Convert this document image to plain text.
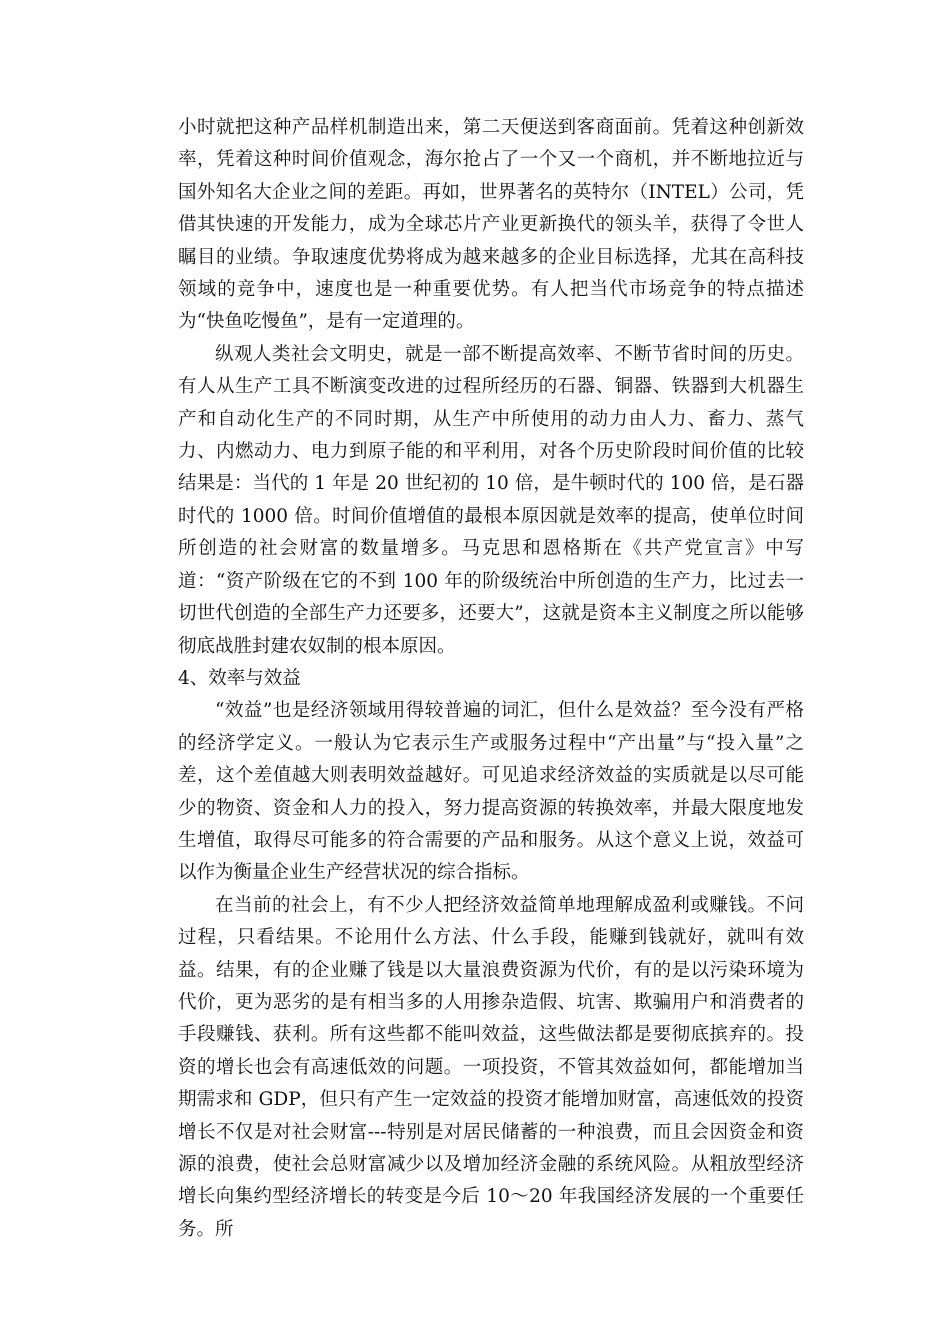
小时就把这种产品样机制造出来，第二天便送到客商面前。凭着这种创新效率，凭着这种时间价值观念，海尔抢占了一个又一个商机，并不断地拉近与国外知名大企业之间的差距。再如，世界著名的英特尔（INTEL）公司，凭借其快速的开发能力，成为全球芯片产业更新换代的领头羊，获得了令世人瞩目的业绩。争取速度优势将成为越来越多的企业目标选择，尤其在高科技领域的竞争中，速度也是一种重要优势。有人把当代市场竞争的特点描述为“快鱼吃慢鱼”，是有一定道理的。

纵观人类社会文明史，就是一部不断提高效率、不断节省时间的历史。有人从生产工具不断演变改进的过程所经历的石器、铜器、铁器到大机器生产和自动化生产的不同时期，从生产中所使用的动力由人力、畜力、蒸气力、内燃动力、电力到原子能的和平利用，对各个历史阶段时间价值的比较结果是：当代的 1 年是 20 世纪初的 10 倍，是牛顿时代的 100 倍，是石器时代的 1000 倍。时间价值增值的最根本原因就是效率的提高，使单位时间所创造的社会财富的数量增多。马克思和恩格斯在《共产党宣言》中写道：“资产阶级在它的不到 100 年的阶级统治中所创造的生产力，比过去一切世代创造的全部生产力还要多，还要大”，这就是资本主义制度之所以能够彻底战胜封建农奴制的根本原因。

4、效率与效益

“效益”也是经济领域用得较普遍的词汇，但什么是效益？至今没有严格的经济学定义。一般认为它表示生产或服务过程中“产出量”与“投入量”之差，这个差值越大则表明效益越好。可见追求经济效益的实质就是以尽可能少的物资、资金和人力的投入，努力提高资源的转换效率，并最大限度地发生增值，取得尽可能多的符合需要的产品和服务。从这个意义上说，效益可以作为衡量企业生产经营状况的综合指标。

在当前的社会上，有不少人把经济效益简单地理解成盈利或赚钱。不问过程，只看结果。不论用什么方法、什么手段，能赚到钱就好，就叫有效益。结果，有的企业赚了钱是以大量浪费资源为代价，有的是以污染环境为代价，更为恶劣的是有相当多的人用掺杂造假、坑害、欺骗用户和消费者的手段赚钱、获利。所有这些都不能叫效益，这些做法都是要彻底摈弃的。投资的增长也会有高速低效的问题。一项投资，不管其效益如何，都能增加当期需求和 GDP，但只有产生一定效益的投资才能增加财富，高速低效的投资增长不仅是对社会财富---特别是对居民储蓄的一种浪费，而且会因资金和资源的浪费，使社会总财富减少以及增加经济金融的系统风险。从粗放型经济增长向集约型经济增长的转变是今后 10～20 年我国经济发展的一个重要任务。所
